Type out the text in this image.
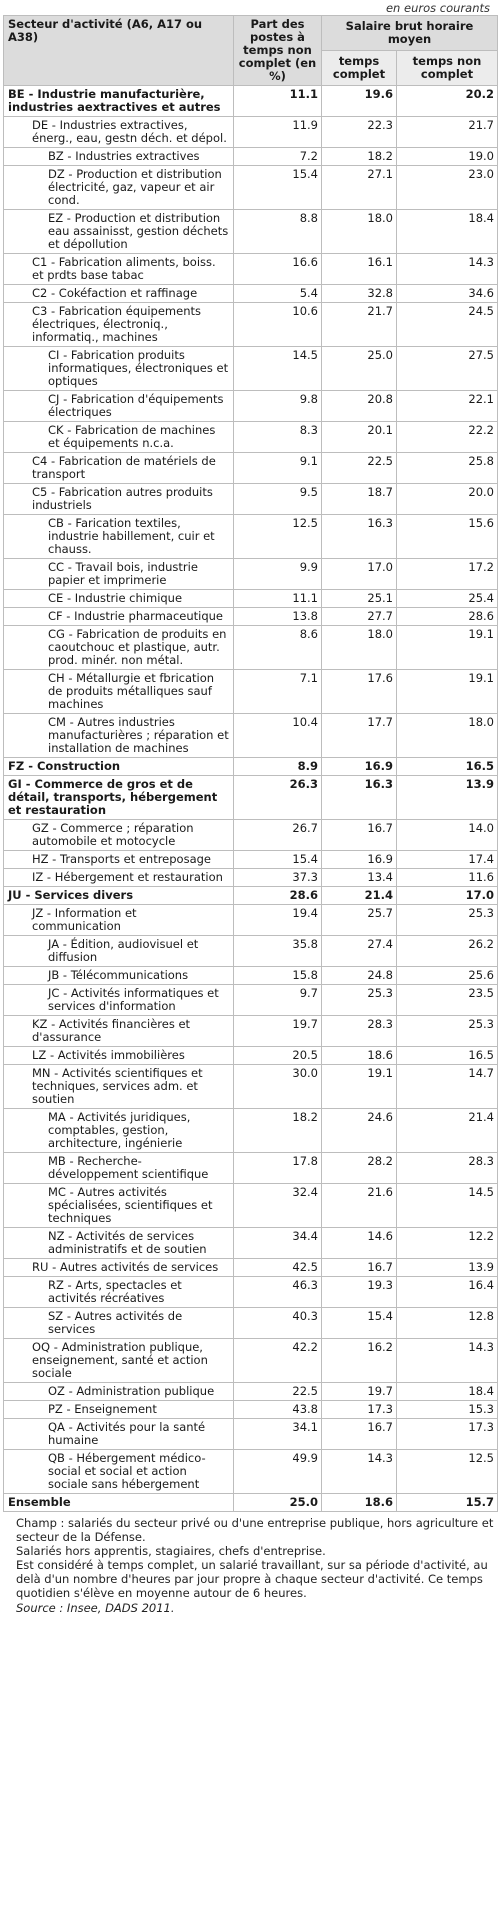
en euros courants
Secteur d'activité (A6, A17 ou A38)	Part des postes à temps non complet (en %)	Salaire brut horaire moyen	
		temps complet	temps non complet
BE - Industrie manufacturière, industries aextractives et autres	11.1	19.6	20.2
DE - Industries extractives, énerg., eau, gestn déch. et dépol.	11.9	22.3	21.7
BZ - Industries extractives	7.2	18.2	19.0
DZ - Production et distribution électricité, gaz, vapeur et air cond.	15.4	27.1	23.0
EZ - Production et distribution eau assainisst, gestion déchets et dépollution	8.8	18.0	18.4
C1 - Fabrication aliments, boiss. et prdts base tabac	16.6	16.1	14.3
C2 - Cokéfaction et raffinage	5.4	32.8	34.6
C3 - Fabrication équipements électriques, électroniq., informatiq., machines	10.6	21.7	24.5
CI - Fabrication produits informatiques, électroniques et optiques	14.5	25.0	27.5
CJ - Fabrication d'équipements électriques	9.8	20.8	22.1
CK - Fabrication de machines et équipements n.c.a.	8.3	20.1	22.2
C4 - Fabrication de matériels de transport	9.1	22.5	25.8
C5 - Fabrication autres produits industriels	9.5	18.7	20.0
CB - Farication textiles, industrie habillement, cuir et chauss.	12.5	16.3	15.6
CC - Travail bois, industrie papier et imprimerie	9.9	17.0	17.2
CE - Industrie chimique	11.1	25.1	25.4
CF - Industrie pharmaceutique	13.8	27.7	28.6
CG - Fabrication de produits en caoutchouc et plastique, autr. prod. minér. non métal.	8.6	18.0	19.1
CH - Métallurgie et fbrication de produits métalliques sauf machines	7.1	17.6	19.1
CM - Autres industries manufacturières ; réparation et installation de machines	10.4	17.7	18.0
FZ - Construction	8.9	16.9	16.5
GI - Commerce de gros et de détail, transports, hébergement et restauration	26.3	16.3	13.9
GZ - Commerce ; réparation automobile et motocycle	26.7	16.7	14.0
HZ - Transports et entreposage	15.4	16.9	17.4
IZ - Hébergement et restauration	37.3	13.4	11.6
JU - Services divers	28.6	21.4	17.0
JZ - Information et communication	19.4	25.7	25.3
JA - Édition, audiovisuel et diffusion	35.8	27.4	26.2
JB - Télécommunications	15.8	24.8	25.6
JC - Activités informatiques et services d'information	9.7	25.3	23.5
KZ - Activités financières et d'assurance	19.7	28.3	25.3
LZ - Activités immobilières	20.5	18.6	16.5
MN - Activités scientifiques et techniques, services adm. et soutien	30.0	19.1	14.7
MA - Activités juridiques, comptables, gestion, architecture, ingénierie	18.2	24.6	21.4
MB - Recherche-développement scientifique	17.8	28.2	28.3
MC - Autres activités spécialisées, scientifiques et techniques	32.4	21.6	14.5
NZ - Activités de services administratifs et de soutien	34.4	14.6	12.2
RU - Autres activités de services	42.5	16.7	13.9
RZ - Arts, spectacles et activités récréatives	46.3	19.3	16.4
SZ - Autres activités de services	40.3	15.4	12.8
OQ - Administration publique, enseignement, santé et action sociale	42.2	16.2	14.3
OZ - Administration publique	22.5	19.7	18.4
PZ - Enseignement	43.8	17.3	15.3
QA - Activités pour la santé humaine	34.1	16.7	17.3
QB - Hébergement médico-social et social et action sociale sans hébergement	49.9	14.3	12.5
Ensemble	25.0	18.6	15.7

Champ : salariés du secteur privé ou d'une entreprise publique, hors agriculture et secteur de la Défense.

Salariés hors apprentis, stagiaires, chefs d'entreprise.

Est considéré à temps complet, un salarié travaillant, sur sa période d'activité, au delà d'un nombre d'heures par jour propre à chaque secteur d'activité. Ce temps quotidien s'élève en moyenne autour de 6 heures.

Source : Insee, DADS 2011.
